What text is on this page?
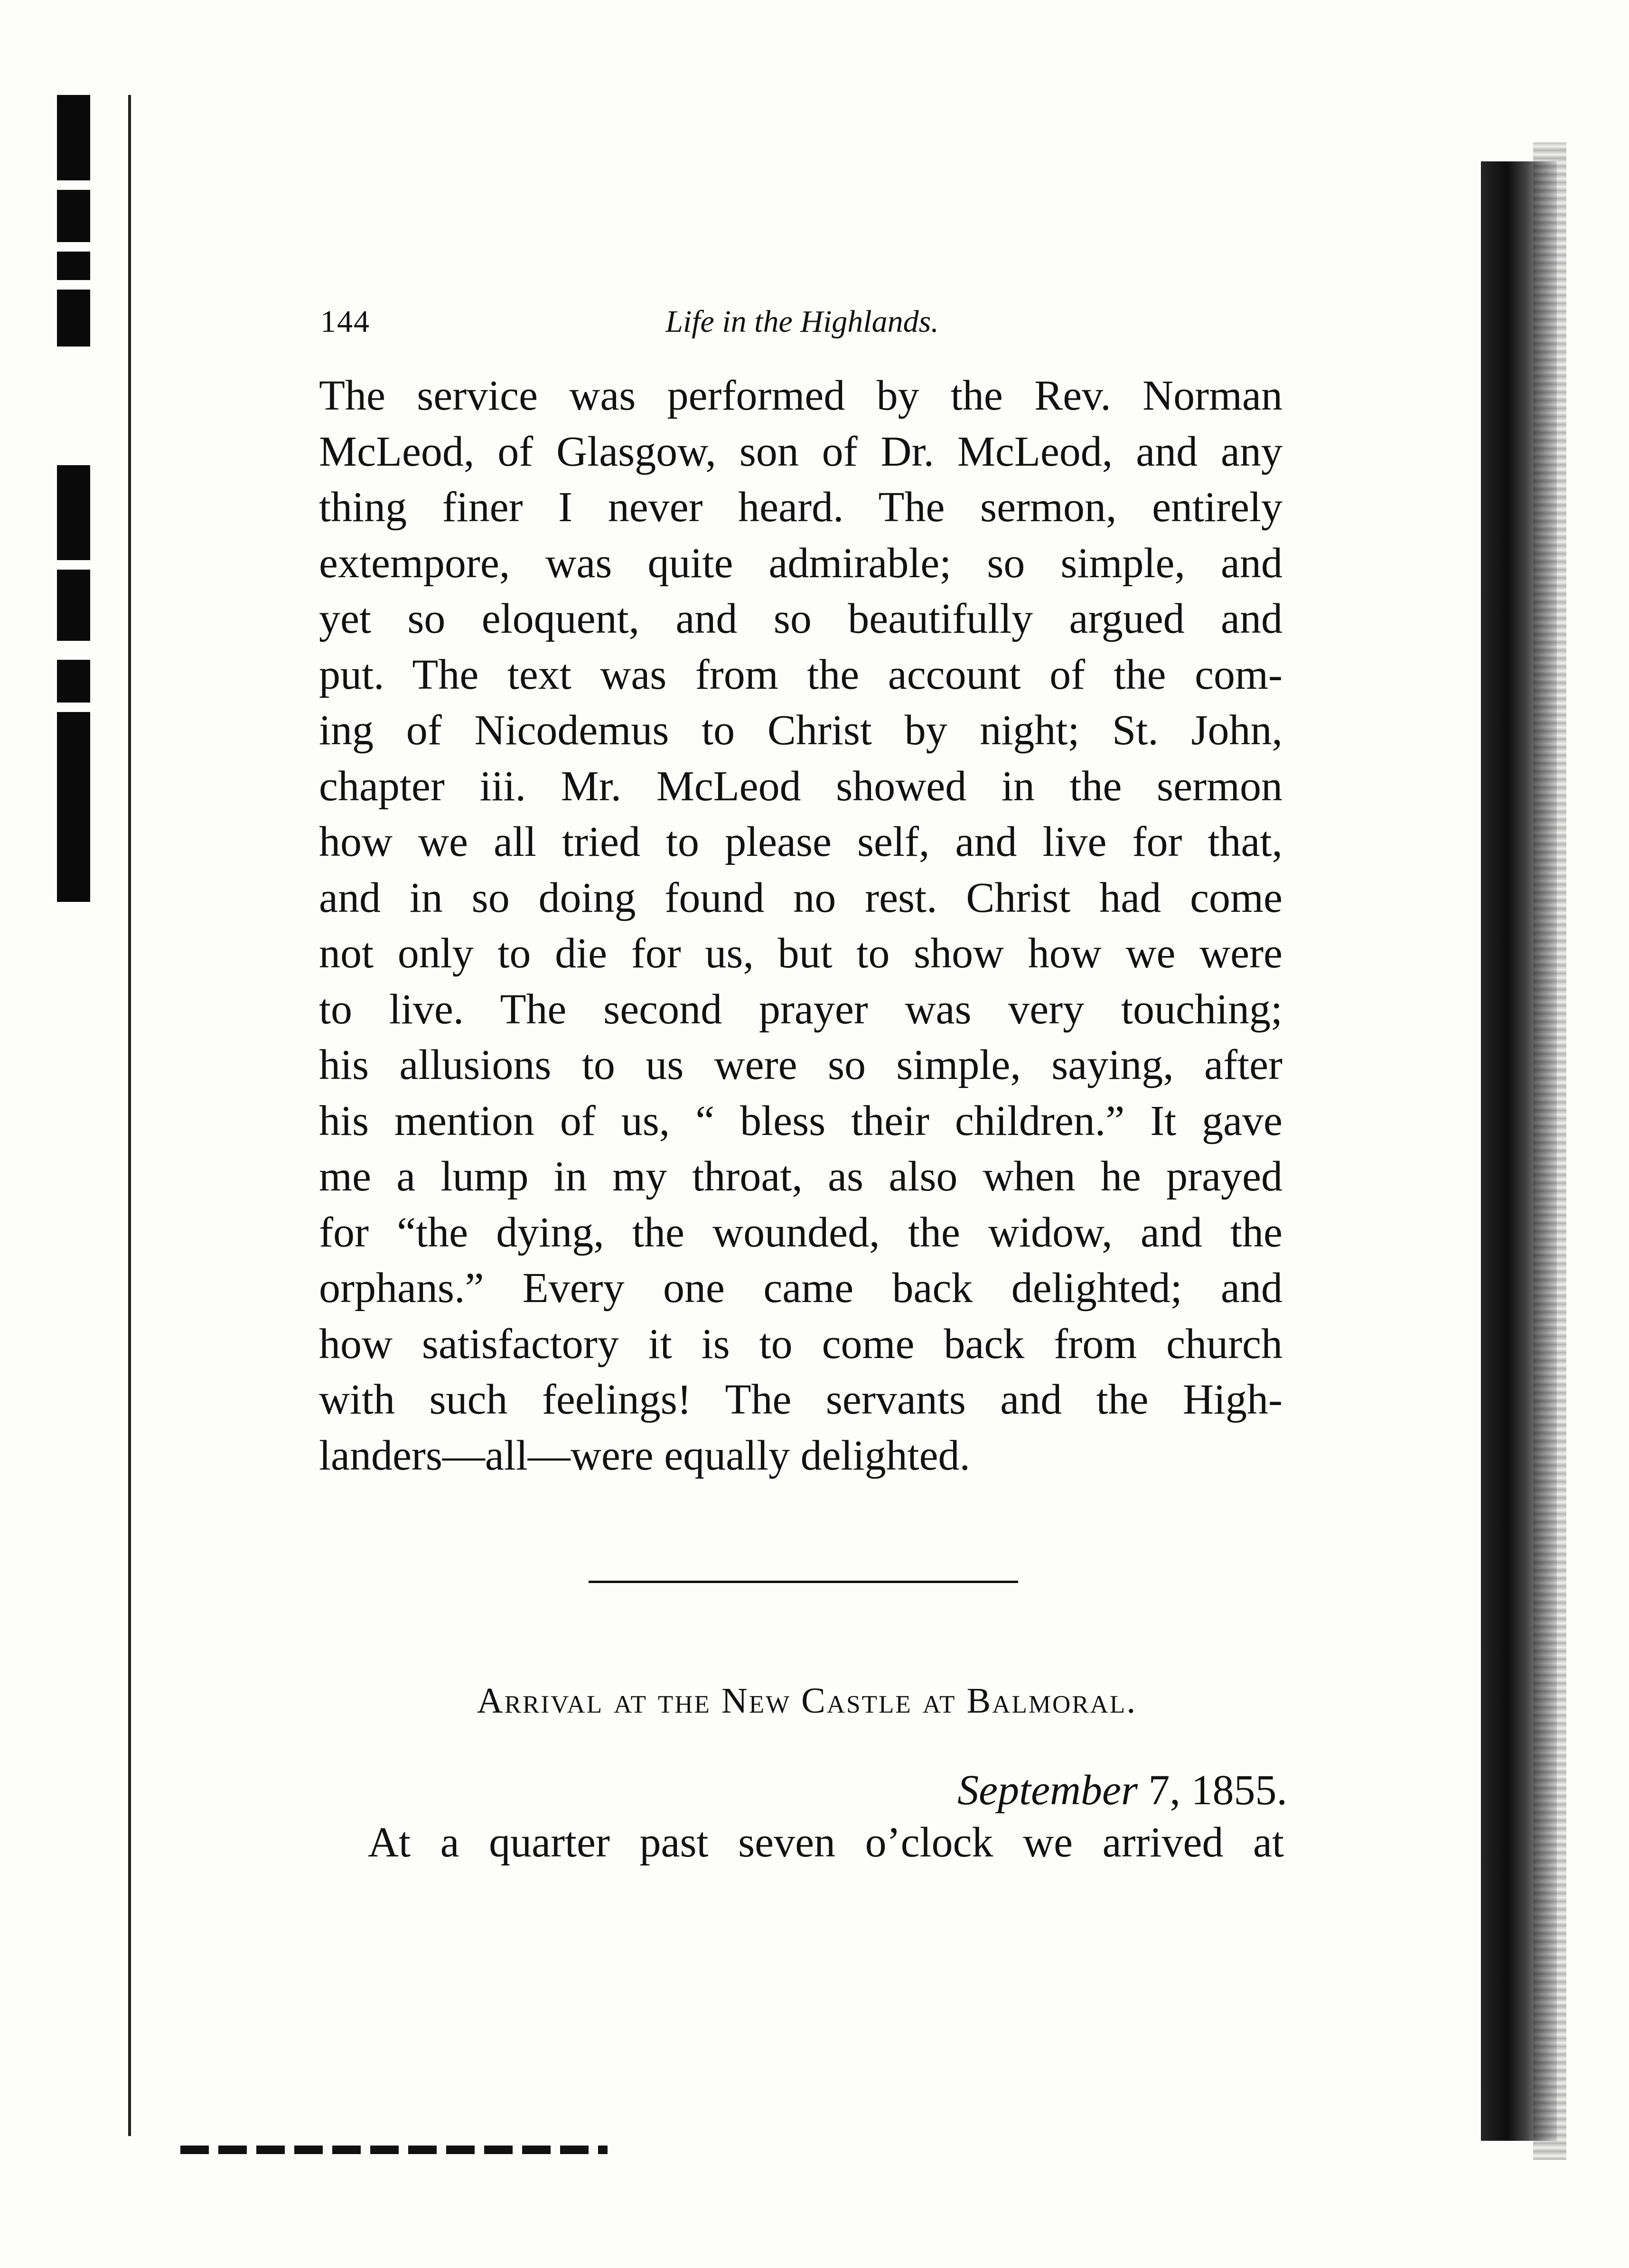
144	Life in the Highlands.
The service was performed by the Rev. Norman
McLeod, of Glasgow, son of Dr. McLeod, and any
thing finer I never heard. The sermon, entirely
extempore, was quite admirable; so simple, and
yet so eloquent, and so beautifully argued and
put. The text was from the account of the com-
ing of Nicodemus to Christ by night; St. John,
chapter iii. Mr. McLeod showed in the sermon
how we all tried to please self, and live for that,
and in so doing found no rest. Christ had come
not only to die for us, but to show how we were
to live. The second prayer was very touching;
his allusions to us were so simple, saying, after
his mention of us, “ bless their children.” It gave
me a lump in my throat, as also when he prayed
for “the dying, the wounded, the widow, and the
orphans.” Every one came back delighted; and
how satisfactory it is to come back from church
with such feelings! The servants and the High-
landers—all—were equally delighted.
Arrival at the New Castle at Balmoral.
September 7, 1855.
At a quarter past seven o’clock we arrived at
